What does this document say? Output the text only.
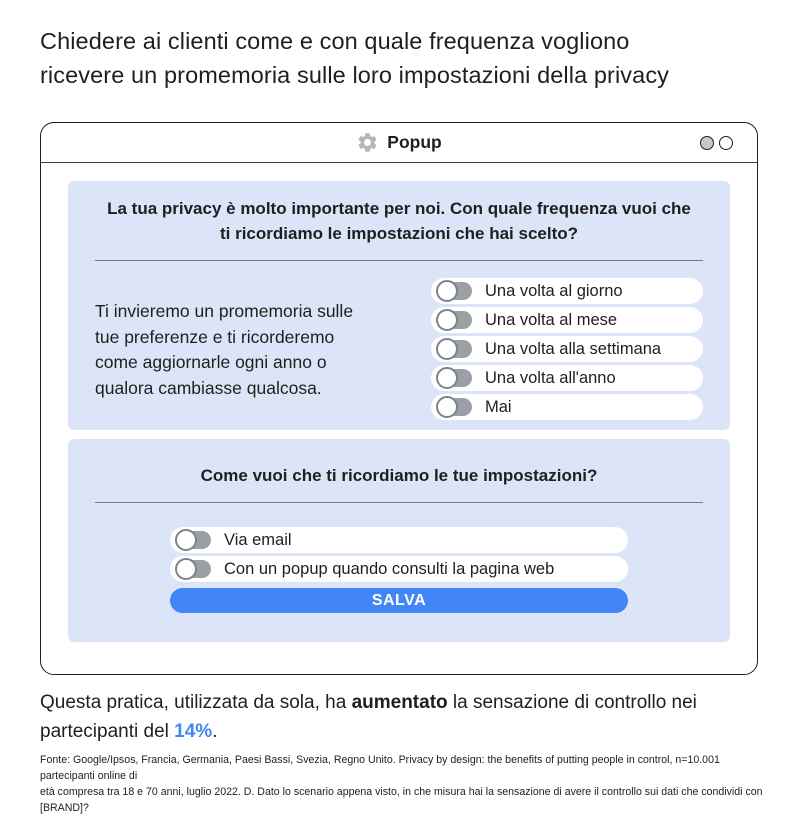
Chiedere ai clienti come e con quale frequenza vogliono
ricevere un promemoria sulle loro impostazioni della privacy
Popup
La tua privacy è molto importante per noi. Con quale frequenza vuoi che ti ricordiamo le impostazioni che hai scelto?
Ti invieremo un promemoria sulle
tue preferenze e ti ricorderemo
come aggiornarle ogni anno o
qualora cambiasse qualcosa.
Una volta al giorno
Una volta al mese
Una volta alla settimana
Una volta all'anno
Mai
Come vuoi che ti ricordiamo le tue impostazioni?
Via email
Con un popup quando consulti la pagina web
SALVA

Questa pratica, utilizzata da sola, ha aumentato la sensazione di controllo nei partecipanti del 14%.

Fonte: Google/Ipsos, Francia, Germania, Paesi Bassi, Svezia, Regno Unito. Privacy by design: the benefits of putting people in control, n=10.001 partecipanti online di
età compresa tra 18 e 70 anni, luglio 2022. D. Dato lo scenario appena visto, in che misura hai la sensazione di avere il controllo sui dati che condividi con [BRAND]?
